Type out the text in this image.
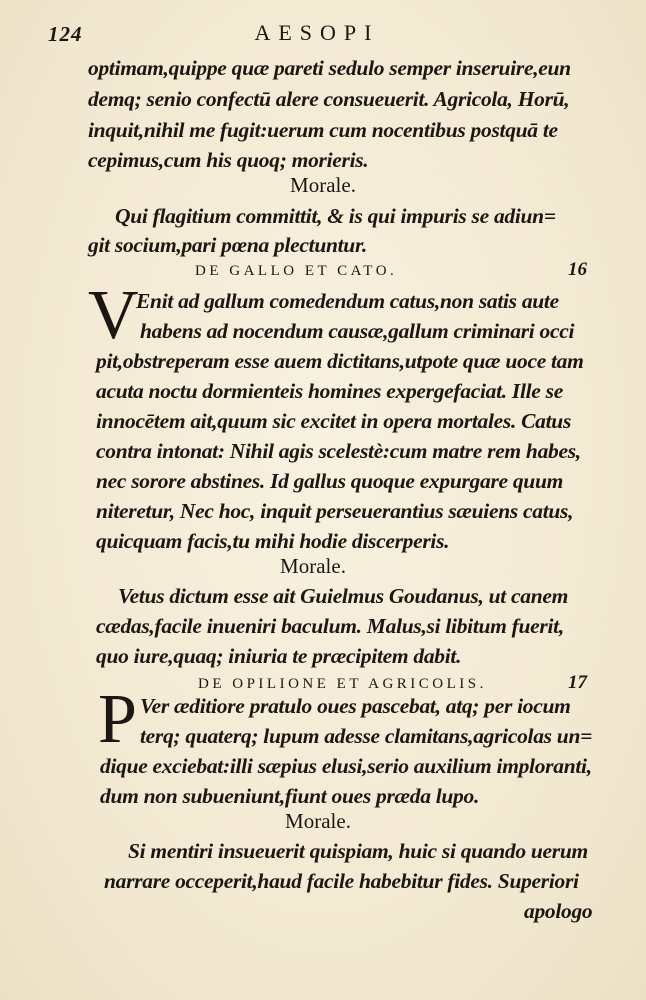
124	AESOPI
optimam,quippe quæ pareti sedulo semper inseruire,eun
demq; senio confectū alere consueuerit. Agricola, Horū,
inquit,nihil me fugit:uerum cum nocentibus postquā te
cepimus,cum his quoq; morieris.
Morale.
Qui flagitium committit, & is qui impuris se adiun=
git socium,pari pœna plectuntur.
DE GALLO ET CATO.	16
V
Enit ad gallum comedendum catus,non satis aute
habens ad nocendum causæ,gallum criminari occi
pit,obstreperam esse auem dictitans,utpote quæ uoce tam
acuta noctu dormienteis homines expergefaciat. Ille se
innocētem ait,quum sic excitet in opera mortales. Catus
contra intonat: Nihil agis scelestè:cum matre rem habes,
nec sorore abstines. Id gallus quoque expurgare quum
niteretur, Nec hoc, inquit perseuerantius sæuiens catus,
quicquam facis,tu mihi hodie discerperis.
Morale.
Vetus dictum esse ait Guielmus Goudanus, ut canem
cædas,facile inueniri baculum. Malus,si libitum fuerit,
quo iure,quaq; iniuria te præcipitem dabit.
DE OPILIONE ET AGRICOLIS.	17
P Ver æditiore pratulo oues pascebat, atq; per iocum
terq; quaterq; lupum adesse clamitans,agricolas un=
dique exciebat:illi sæpius elusi,serio auxilium imploranti,
dum non subueniunt,fiunt oues præda lupo.
Morale.
Si mentiri insueuerit quispiam, huic si quando uerum
narrare occeperit,haud facile habebitur fides. Superiori
apologo
